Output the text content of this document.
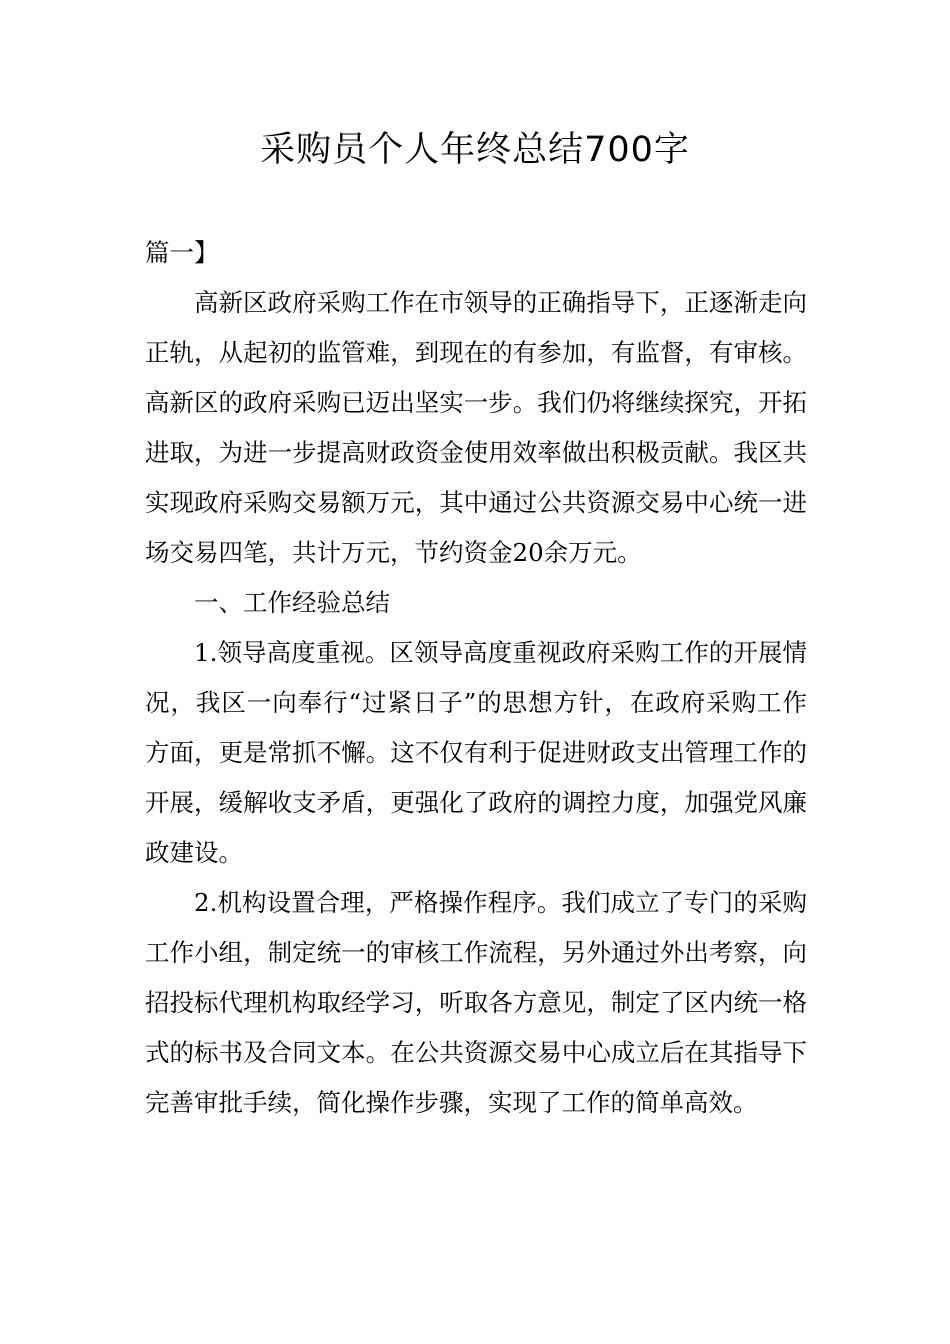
采购员个人年终总结700字

篇一】

高新区政府采购工作在市领导的正确指导下，正逐渐走向正轨，从起初的监管难，到现在的有参加，有监督，有审核。高新区的政府采购已迈出坚实一步。我们仍将继续探究，开拓进取，为进一步提高财政资金使用效率做出积极贡献。我区共实现政府采购交易额万元，其中通过公共资源交易中心统一进场交易四笔，共计万元，节约资金20余万元。

一、工作经验总结

1.领导高度重视。区领导高度重视政府采购工作的开展情况，我区一向奉行“过紧日子”的思想方针，在政府采购工作方面，更是常抓不懈。这不仅有利于促进财政支出管理工作的开展，缓解收支矛盾，更强化了政府的调控力度，加强党风廉政建设。

2.机构设置合理，严格操作程序。我们成立了专门的采购工作小组，制定统一的审核工作流程，另外通过外出考察，向招投标代理机构取经学习，听取各方意见，制定了区内统一格式的标书及合同文本。在公共资源交易中心成立后在其指导下完善审批手续，简化操作步骤，实现了工作的简单高效。
